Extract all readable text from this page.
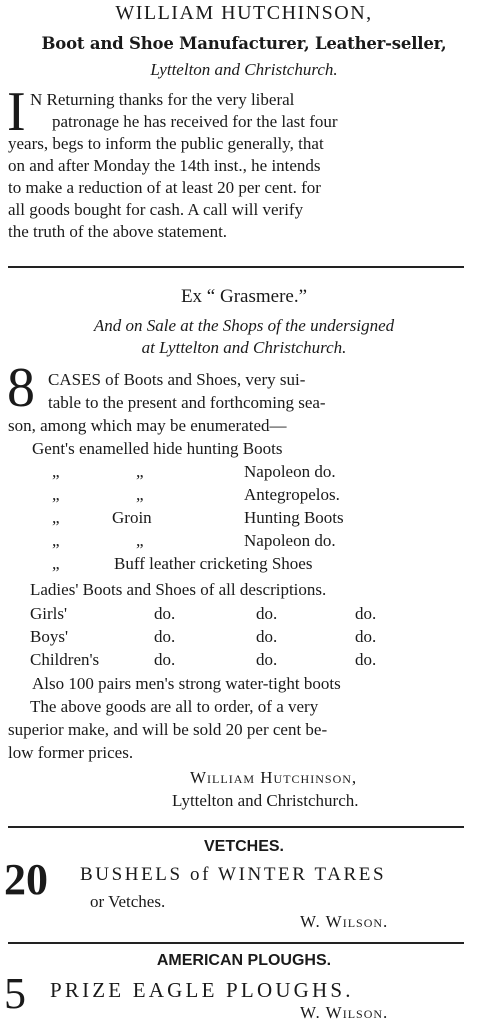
WILLIAM HUTCHINSON,
Boot and Shoe Manufacturer, Leather-seller,
Lyttelton and Christchurch.
I N Returning thanks for the very liberal
patronage he has received for the last four
years, begs to inform the public generally, that
on and after Monday the 14th inst., he intends
to make a reduction of at least 20 per cent. for
all goods bought for cash. A call will verify
the truth of the above statement.
Ex “ Grasmere.”
And on Sale at the Shops of the undersigned
at Lyttelton and Christchurch.
8 CASES of Boots and Shoes, very sui-
table to the present and forthcoming sea-
son, among which may be enumerated—
Gent's enamelled hide hunting Boots
„	„	Napoleon do.
„	„	Antegropelos.
„	Groin	Hunting Boots
„	„	Napoleon do.
„	Buff leather cricketing Shoes
Ladies' Boots and Shoes of all descriptions.
Girls'	do.	do.	do.
Boys'	do.	do.	do.
Children's	do.	do.	do.
Also 100 pairs men's strong water-tight boots
The above goods are all to order, of a very
superior make, and will be sold 20 per cent be-
low former prices.
William Hutchinson,
Lyttelton and Christchurch.
VETCHES.
20 BUSHELS of WINTER TARES
or Vetches.
W. Wilson.
AMERICAN PLOUGHS.
5 PRIZE EAGLE PLOUGHS.
W. Wilson.
